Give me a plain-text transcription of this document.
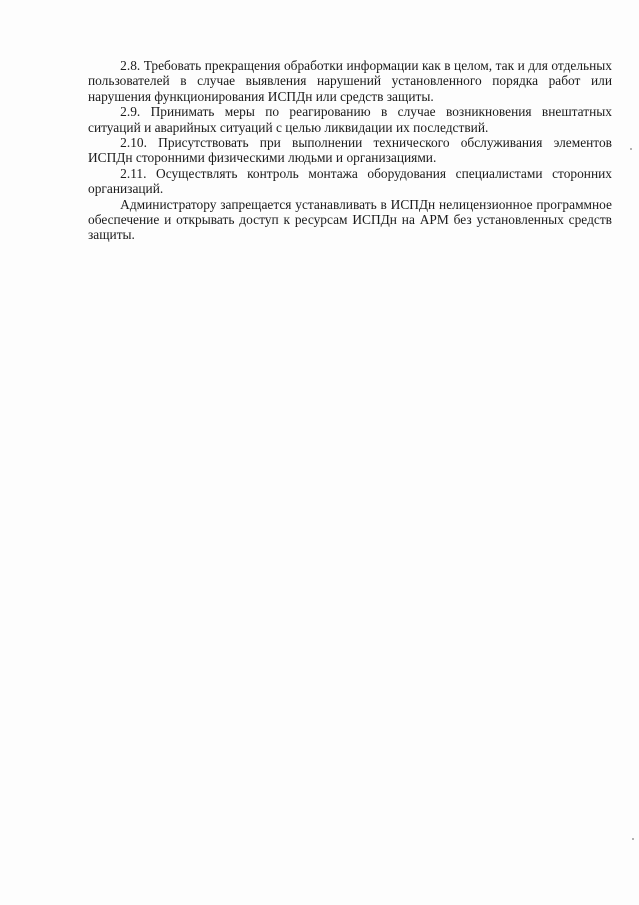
2.8. Требовать прекращения обработки информации как в целом, так и для отдельных пользователей в случае выявления нарушений установленного порядка работ или нарушения функционирования ИСПДн или средств защиты.

2.9. Принимать меры по реагированию в случае возникновения внештатных ситуаций и аварийных ситуаций с целью ликвидации их последствий.

2.10. Присутствовать при выполнении технического обслуживания элементов ИСПДн сторонними физическими людьми и организациями.

2.11. Осуществлять контроль монтажа оборудования специалистами сторонних организаций.

Администратору запрещается устанавливать в ИСПДн нелицензионное программное обеспечение и открывать доступ к ресурсам ИСПДн на АРМ без установленных средств защиты.
